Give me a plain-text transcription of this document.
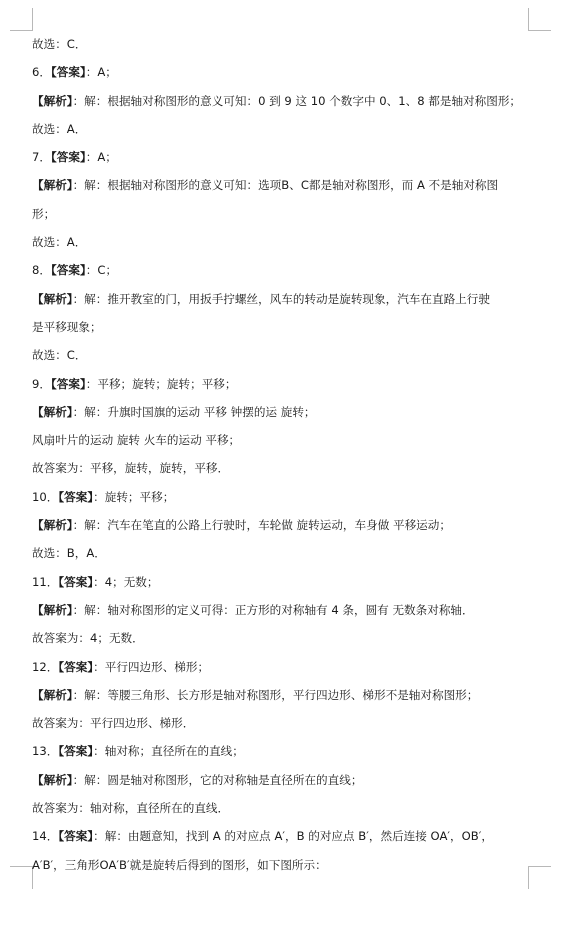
故选：C．
6．【答案】：A；
【解析】：解：根据轴对称图形的意义可知：0 到 9 这 10 个数字中 0、1、8 都是轴对称图形；
故选：A．
7．【答案】：A；
【解析】：解：根据轴对称图形的意义可知：选项B、C都是轴对称图形，而 A 不是轴对称图
形；
故选：A．
8．【答案】：C；
【解析】：解：推开教室的门，用扳手拧螺丝，风车的转动是旋转现象，汽车在直路上行驶
是平移现象；
故选：C．
9．【答案】：平移；旋转；旋转；平移；
【解析】：解：升旗时国旗的运动 平移 钟摆的运 旋转；
风扇叶片的运动 旋转 火车的运动 平移；
故答案为：平移，旋转，旋转，平移．
10．【答案】：旋转；平移；
【解析】：解：汽车在笔直的公路上行驶时，车轮做 旋转运动，车身做 平移运动；
故选：B，A．
11．【答案】：4；无数；
【解析】：解：轴对称图形的定义可得：正方形的对称轴有 4 条，圆有 无数条对称轴．
故答案为：4；无数．
12．【答案】：平行四边形、梯形；
【解析】：解：等腰三角形、长方形是轴对称图形，平行四边形、梯形不是轴对称图形；
故答案为：平行四边形、梯形．
13．【答案】：轴对称；直径所在的直线；
【解析】：解：圆是轴对称图形，它的对称轴是直径所在的直线；
故答案为：轴对称，直径所在的直线．
14．【答案】：解：由题意知，找到 A 的对应点 A′，B 的对应点 B′，然后连接 OA′，OB′，
A′B′，三角形OA′B′就是旋转后得到的图形，如下图所示：
